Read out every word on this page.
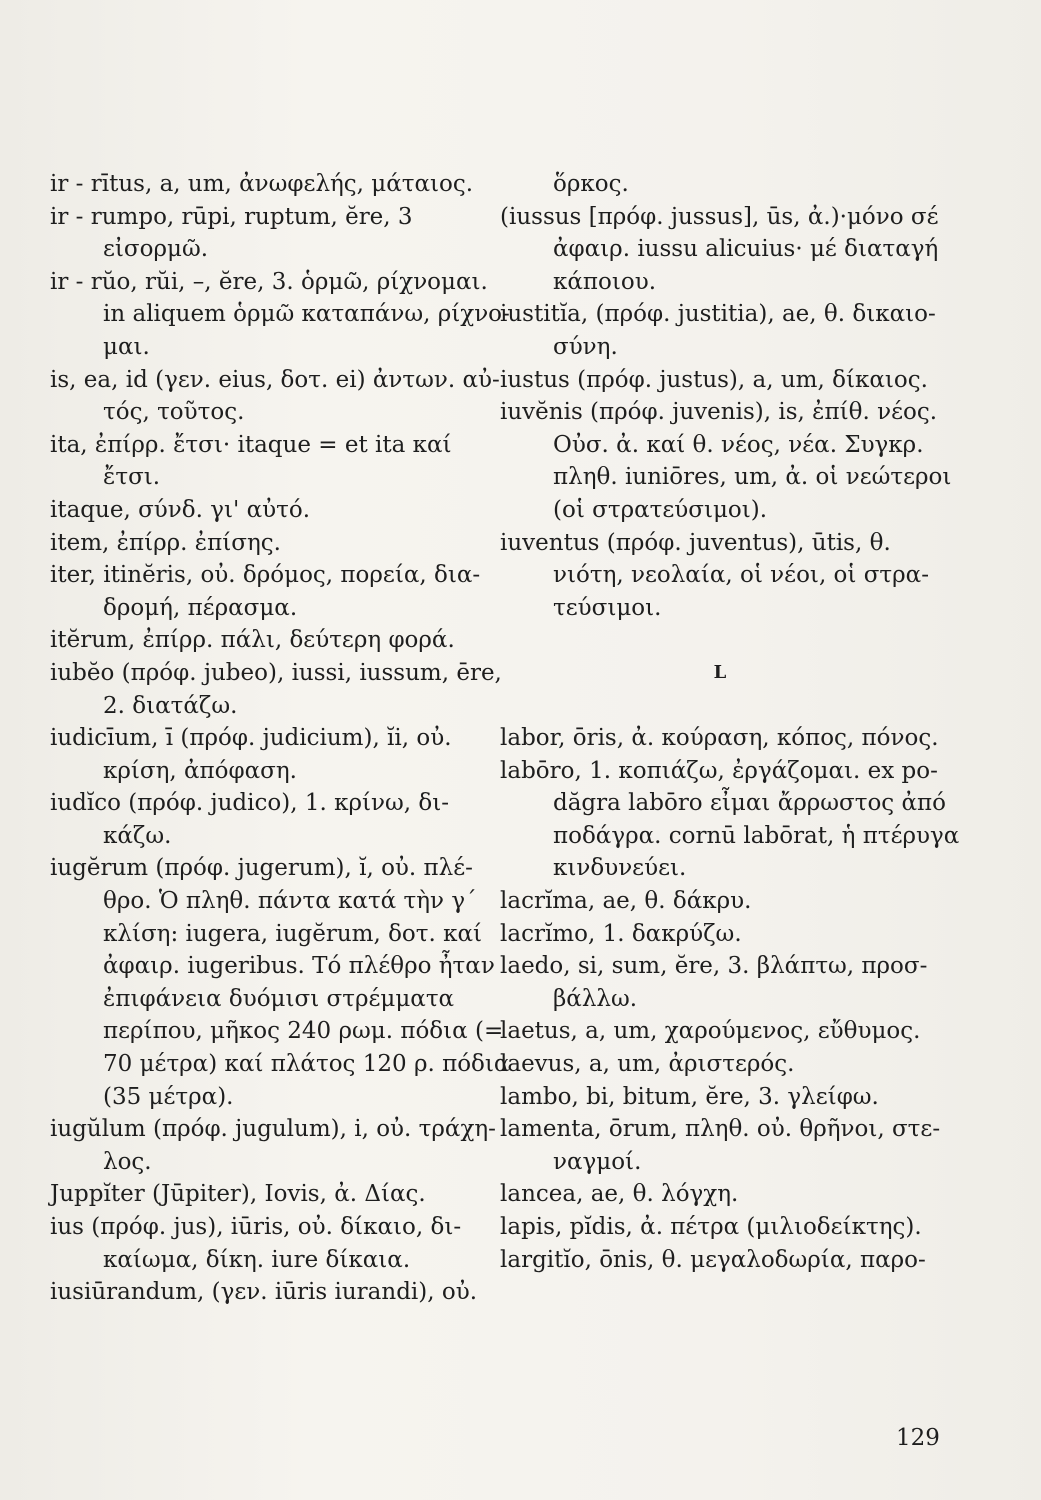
ir - rītus, a, um, ἀνωφελής, μάταιος.
ir - rumpo, rūpi, ruptum, ĕre, 3
εἰσορμῶ.
ir - rŭo, rŭi, –, ĕre, 3. ὁρμῶ, ρίχνομαι.
in aliquem ὁρμῶ καταπάνω, ρίχνο-
μαι.
is, ea, id (γεν. eius, δοτ. ei) ἀντων. αὐ-
τός, τοῦτος.
ita, ἐπίρρ. ἔτσι· itaque = et ita καί
ἔτσι.
itaque, σύνδ. γι' αὐτό.
item, ἐπίρρ. ἐπίσης.
iter, itinĕris, οὐ. δρόμος, πορεία, δια-
δρομή, πέρασμα.
itĕrum, ἐπίρρ. πάλι, δεύτερη φορά.
iubĕo (πρόφ. jubeo), iussi, iussum, ēre,
2. διατάζω.
iudicīum, ī (πρόφ. judicium), ĭi, οὐ.
κρίση, ἀπόφαση.
iudĭco (πρόφ. judico), 1. κρίνω, δι-
κάζω.
iugĕrum (πρόφ. jugerum), ĭ, οὐ. πλέ-
θρο. Ὁ πληθ. πάντα κατά τὴν γ΄
κλίση: iugera, iugĕrum, δοτ. καί
ἀφαιρ. iugeribus. Τό πλέθρο ἦταν
ἐπιφάνεια δυόμισι στρέμματα
περίπου, μῆκος 240 ρωμ. πόδια (=
70 μέτρα) καί πλάτος 120 ρ. πόδια
(35 μέτρα).
iugŭlum (πρόφ. jugulum), i, οὐ. τράχη-
λος.
Juppĭter (Jūpiter), Iovis, ἀ. Δίας.
ius (πρόφ. jus), iūris, οὐ. δίκαιο, δι-
καίωμα, δίκη. iure δίκαια.
iusiūrandum, (γεν. iūris iurandi), οὐ.
ὅρκος.
(iussus [πρόφ. jussus], ūs, ἀ.)·μόνο σέ
ἀφαιρ. iussu alicuius· μέ διαταγή
κάποιου.
iustitĭa, (πρόφ. justitia), ae, θ. δικαιο-
σύνη.
iustus (πρόφ. justus), a, um, δίκαιος.
iuvĕnis (πρόφ. juvenis), is, ἐπίθ. νέος.
Οὐσ. ἀ. καί θ. νέος, νέα. Συγκρ.
πληθ. iuniōres, um, ἀ. οἱ νεώτεροι
(οἱ στρατεύσιμοι).
iuventus (πρόφ. juventus), ūtis, θ.
νιότη, νεολαία, οἱ νέοι, οἱ στρα-
τεύσιμοι.
L
labor, ōris, ἀ. κούραση, κόπος, πόνος.
labōro, 1. κοπιάζω, ἐργάζομαι. ex po-
dăgra labōro εἶμαι ἄρρωστος ἀπό
ποδάγρα. cornū labōrat, ἡ πτέρυγα
κινδυνεύει.
lacrĭma, ae, θ. δάκρυ.
lacrĭmo, 1. δακρύζω.
laedo, si, sum, ĕre, 3. βλάπτω, προσ-
βάλλω.
laetus, a, um, χαρούμενος, εὔθυμος.
laevus, a, um, ἀριστερός.
lambo, bi, bitum, ĕre, 3. γλείφω.
lamenta, ōrum, πληθ. οὐ. θρῆνοι, στε-
ναγμοί.
lancea, ae, θ. λόγχη.
lapis, pĭdis, ἀ. πέτρα (μιλιοδείκτης).
largitĭo, ōnis, θ. μεγαλοδωρία, παρο-
129
